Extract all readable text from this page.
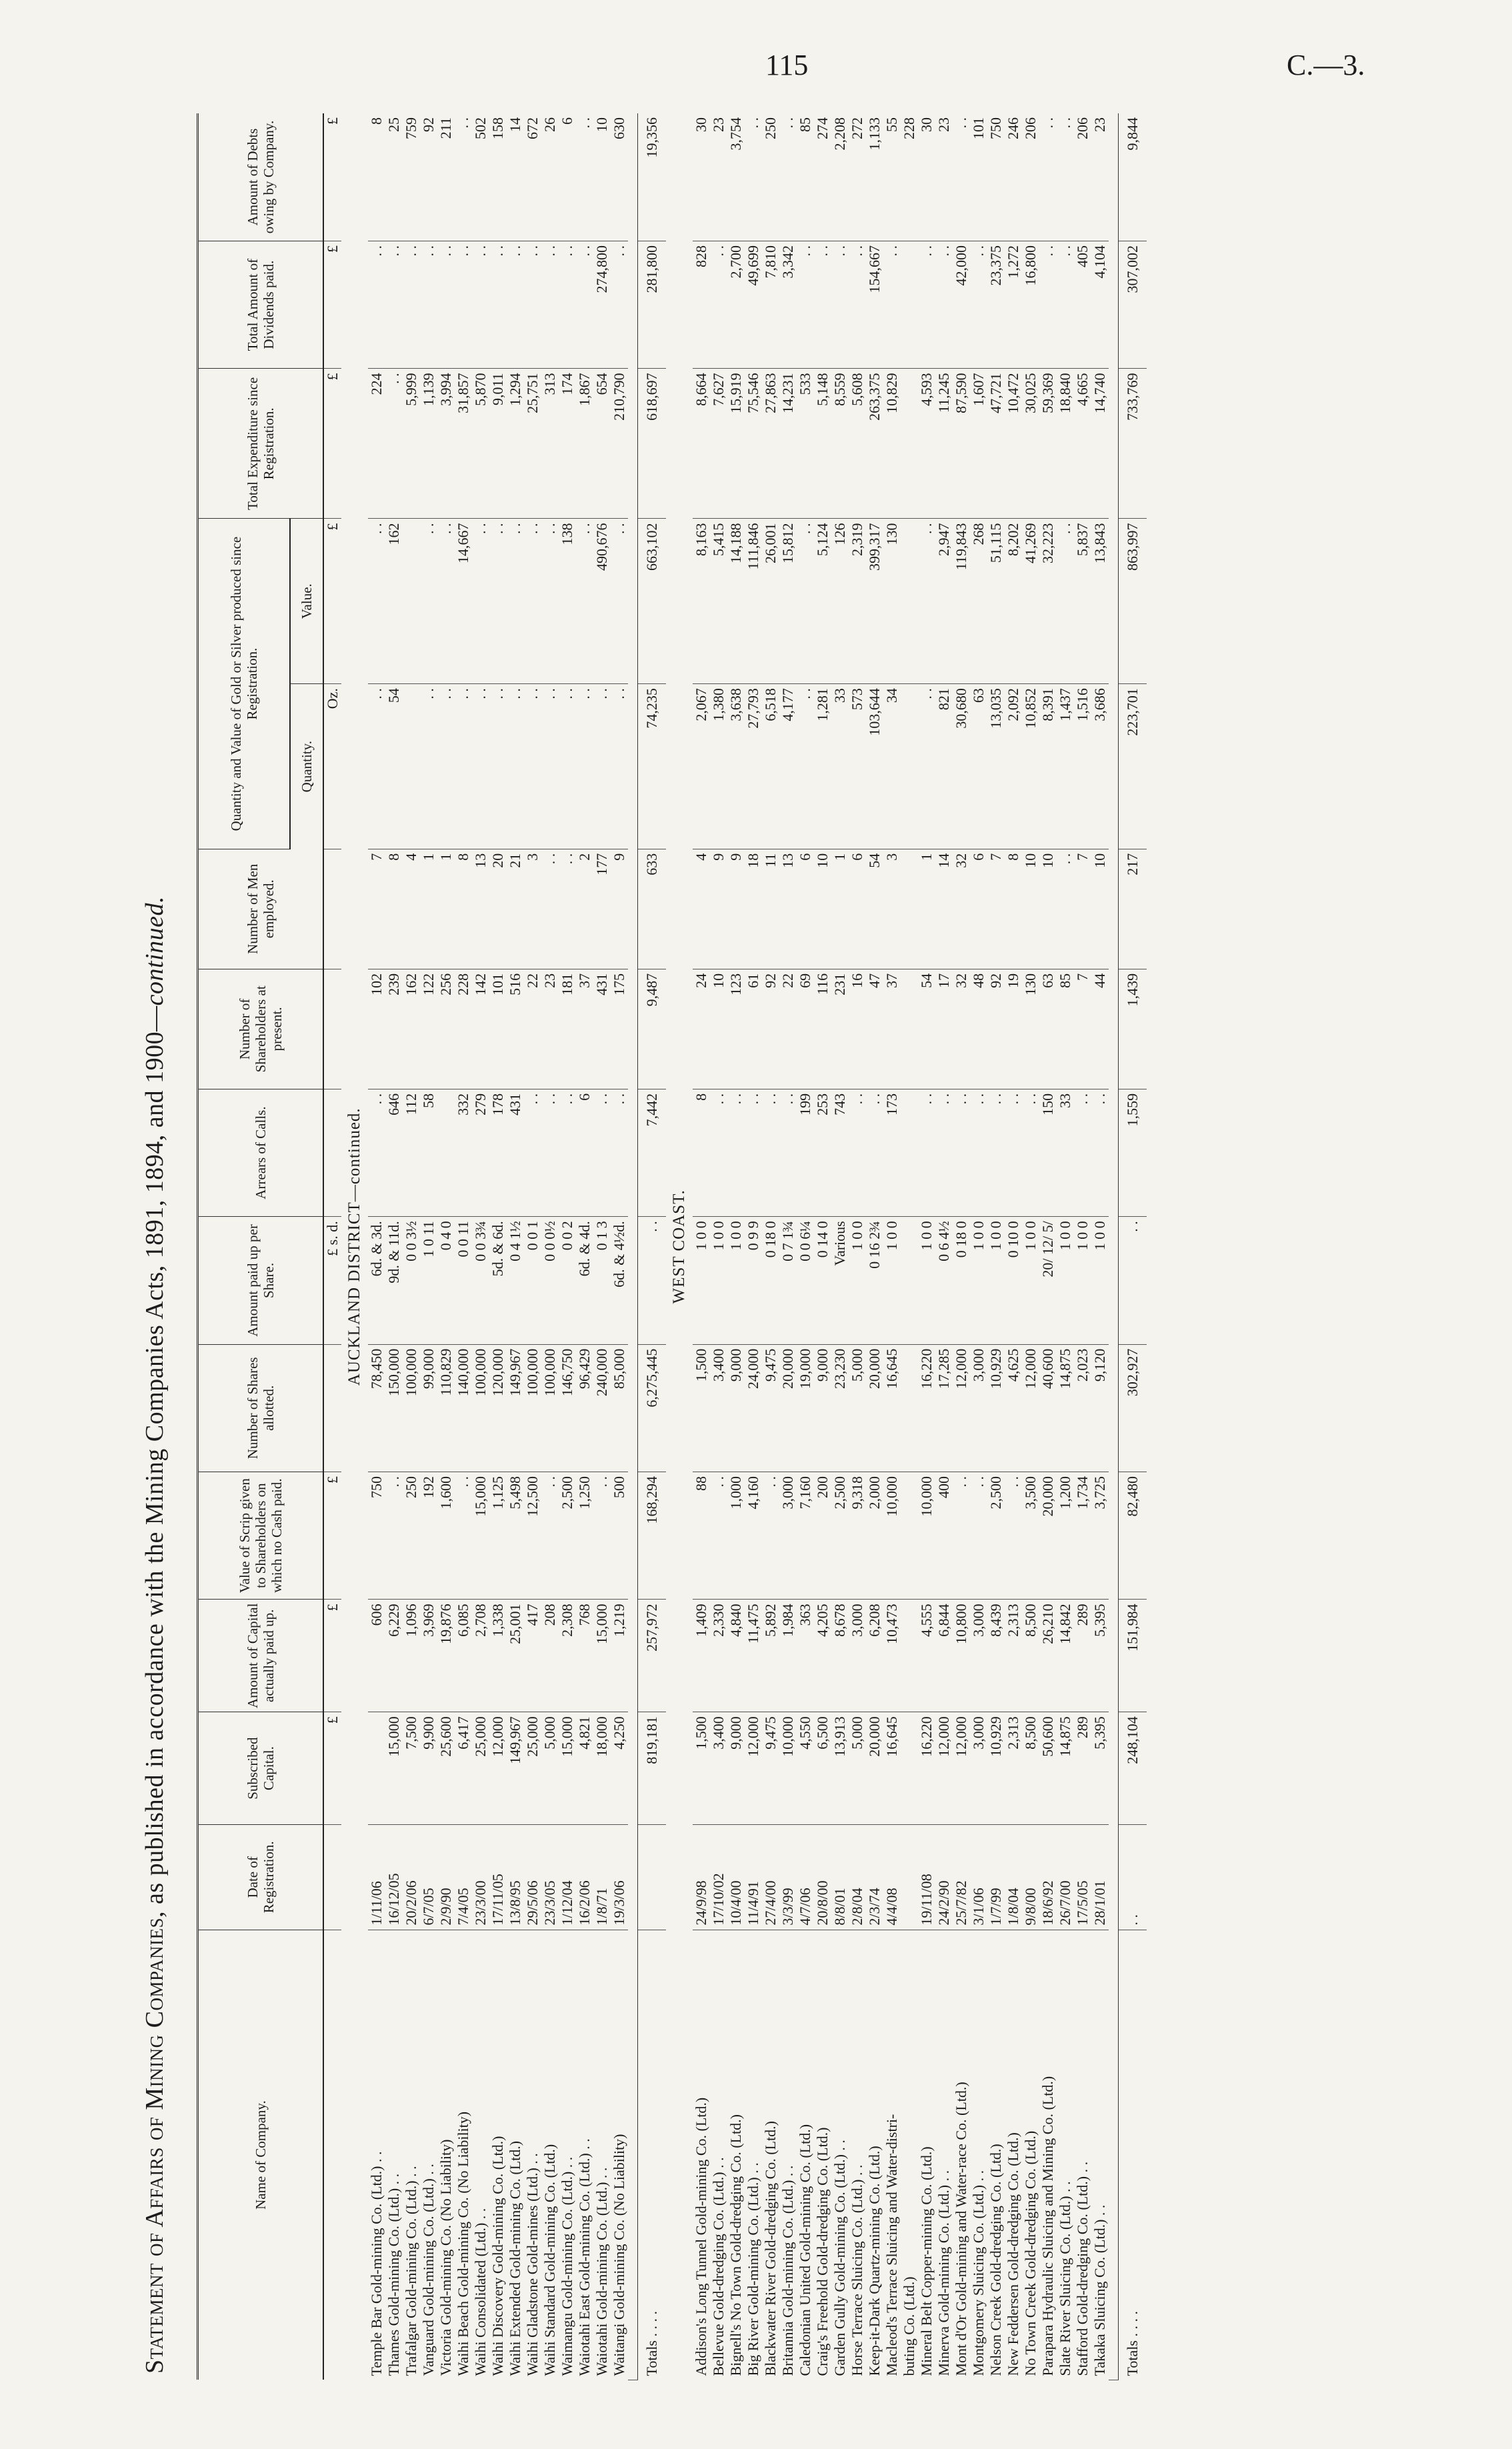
115	C.—3.
Statement of Affairs of Mining Companies, as published in accordance with the Mining Companies Acts, 1891, 1894, and 1900—continued.
Name of Company.	Date of Registration.	Subscribed Capital.	Amount of Capital actually paid up.	Value of Scrip given to Shareholders on which no Cash paid.	Number of Shares allotted.	Amount paid up per Share.	Arrears of Calls.	Number of Shareholders at present.	Number of Men employed.	Quantity and Value of Gold or Silver produced since Registration.		Total Expenditure since Registration.	Total Amount of Dividends paid.	Amount of Debts owing by Company.
										Quantity.	Value.			
		£	£	£		£ s. d.				Oz.	£	£	£	£
AUCKLAND DISTRICT—continued.														
Temple Bar Gold-mining Co. (Ltd.) . .	1/11/06		606	750	78,450	6d. & 3d.	. .	102	7	. .	. .	224	. .	8
Thames Gold-mining Co. (Ltd.) . .	16/12/05	15,000	6,229	. .	150,000	9d. & 11d.	646	239	8	54	162	. .	. .	25
Trafalgar Gold-mining Co. (Ltd.) . .	20/2/06	7,500	1,096	250	100,000	0 0 3½	112	162	4			5,999	. .	759
Vanguard Gold-mining Co. (Ltd.) . .	6/7/05	9,900	3,969	192	99,000	1 0 11	58	122	1	. .	. .	1,139	. .	92
Victoria Gold-mining Co. (No Liability)	2/9/90	25,600	19,876	1,600	110,829	0 4 0		256	1	. .	. .	3,994	. .	211
Waihi Beach Gold-mining Co. (No Liability)	7/4/05	6,417	6,085	. .	140,000	0 0 11	332	228	8	. .	14,667	31,857	. .	. .
Waihi Consolidated (Ltd.) . .	23/3/00	25,000	2,708	15,000	100,000	0 0 3¾	279	142	13	. .	. .	5,870	. .	502
Waihi Discovery Gold-mining Co. (Ltd.)	17/11/05	12,000	1,338	1,125	120,000	5d. & 6d.	178	101	20	. .	. .	9,011	. .	158
Waihi Extended Gold-mining Co. (Ltd.)	13/8/95	149,967	25,001	5,498	149,967	0 4 1½	431	516	21	. .	. .	1,294	. .	14
Waihi Gladstone Gold-mines (Ltd.) . .	29/5/06	25,000	417	12,500	100,000	0 0 1	. .	22	3	. .	. .	25,751	. .	672
Waihi Standard Gold-mining Co. (Ltd.)	23/3/05	5,000	208	. .	100,000	0 0 0½	. .	23	. .	. .	. .	313	. .	26
Waimangu Gold-mining Co. (Ltd.) . .	1/12/04	15,000	2,308	2,500	146,750	0 0 2	. .	181	. .	. .	138	174	. .	6
Waiotahi East Gold-mining Co. (Ltd.) . .	16/2/06	4,821	768	1,250	96,429	6d. & 4d.	6	37	2	. .	. .	1,867	. .	. .
Waiotahi Gold-mining Co. (Ltd.) . .	1/8/71	18,000	15,000	. .	240,000	0 1 3	. .	431	177	. .	490,676	654	274,800	10
Waitangi Gold-mining Co. (No Liability)	19/3/06	4,250	1,219	500	85,000	6d. & 4½d.	. .	175	9	. .	. .	210,790	. .	630

Totals . . . .		819,181	257,972	168,294	6,275,445	. .	7,442	9,487	633	74,235	663,102	618,697	281,800	19,356
WEST COAST.														
Addison's Long Tunnel Gold-mining Co. (Ltd.)	24/9/98	1,500	1,409	88	1,500	1 0 0	8	24	4	2,067	8,163	8,664	828	30
Bellevue Gold-dredging Co. (Ltd.) . .	17/10/02	3,400	2,330	. .	3,400	1 0 0	. .	10	9	1,380	5,415	7,627	. .	23
Bignell's No Town Gold-dredging Co. (Ltd.)	10/4/00	9,000	4,840	1,000	9,000	1 0 0	. .	123	9	3,638	14,188	15,919	2,700	3,754
Big River Gold-mining Co. (Ltd.) . .	11/4/91	12,000	11,475	4,160	24,000	0 9 9	. .	61	18	27,793	111,846	75,546	49,699	. .
Blackwater River Gold-dredging Co. (Ltd.)	27/4/00	9,475	5,892	. .	9,475	0 18 0	. .	92	11	6,518	26,001	27,863	7,810	250
Britannia Gold-mining Co. (Ltd.) . .	3/3/99	10,000	1,984	3,000	20,000	0 7 1¾	. .	22	13	4,177	15,812	14,231	3,342	. .
Caledonian United Gold-mining Co. (Ltd.)	4/7/06	4,550	363	7,160	19,000	0 0 6¼	199	69	6	. .	. .	533	. .	85
Craig's Freehold Gold-dredging Co. (Ltd.)	20/8/00	6,500	4,205	200	9,000	0 14 0	253	116	10	1,281	5,124	5,148	. .	274
Garden Gully Gold-mining Co. (Ltd.) . .	8/8/01	13,913	8,678	2,500	23,230	Various	743	231	1	33	126	8,559	. .	2,208
Horse Terrace Sluicing Co. (Ltd.) . .	2/8/04	5,000	3,000	9,318	5,000	1 0 0	. .	16	6	573	2,319	5,608	. .	272
Keep-it-Dark Quartz-mining Co. (Ltd.)	2/3/74	20,000	6,208	2,000	20,000	0 16 2¾	. .	47	54	103,644	399,317	263,375	154,667	1,133
Macleod's Terrace Sluicing and Water-distri-	4/4/08	16,645	10,473	10,000	16,645	1 0 0	173	37	3	34	130	10,829	. .	55
buting Co. (Ltd.)														228
Mineral Belt Copper-mining Co. (Ltd.)	19/11/08	16,220	4,555	10,000	16,220	1 0 0	. .	54	1	. .	. .	4,593	. .	30
Minerva Gold-mining Co. (Ltd.) . .	24/2/90	12,000	6,844	400	17,285	0 6 4½	. .	17	14	821	2,947	11,245	. .	23
Mont d'Or Gold-mining and Water-race Co. (Ltd.)	25/7/82	12,000	10,800	. .	12,000	0 18 0	. .	32	32	30,680	119,843	87,590	42,000	. .
Montgomery Sluicing Co. (Ltd.) . .	3/1/06	3,000	3,000	. .	3,000	1 0 0	. .	48	6	63	268	1,607	. .	101
Nelson Creek Gold-dredging Co. (Ltd.)	1/7/99	10,929	8,439	2,500	10,929	1 0 0	. .	92	7	13,035	51,115	47,721	23,375	750
New Feddersen Gold-dredging Co. (Ltd.)	1/8/04	2,313	2,313	. .	4,625	0 10 0	. .	19	8	2,092	8,202	10,472	1,272	246
No Town Creek Gold-dredging Co. (Ltd.)	9/8/00	8,500	8,500	3,500	12,000	1 0 0	. .	130	10	10,852	41,269	30,025	16,800	206
Parapara Hydraulic Sluicing and Mining Co. (Ltd.)	18/6/92	50,600	26,210	20,000	40,600	20/ 12/ 5/	150	63	10	8,391	32,223	59,369	. .	. .
Slate River Sluicing Co. (Ltd.) . .	26/7/00	14,875	14,842	1,200	14,875	1 0 0	33	85	. .	1,437	. .	18,840	. .	. .
Stafford Gold-dredging Co. (Ltd.) . .	17/5/05	289	289	1,734	2,023	1 0 0	. .	7	7	1,516	5,837	4,665	405	206
Takaka Sluicing Co. (Ltd.) . .	28/1/01	5,395	5,395	3,725	9,120	1 0 0	. .	44	10	3,686	13,843	14,740	4,104	23

Totals . . . .	. .	248,104	151,984	82,480	302,927	. .	1,559	1,439	217	223,701	863,997	733,769	307,002	9,844
